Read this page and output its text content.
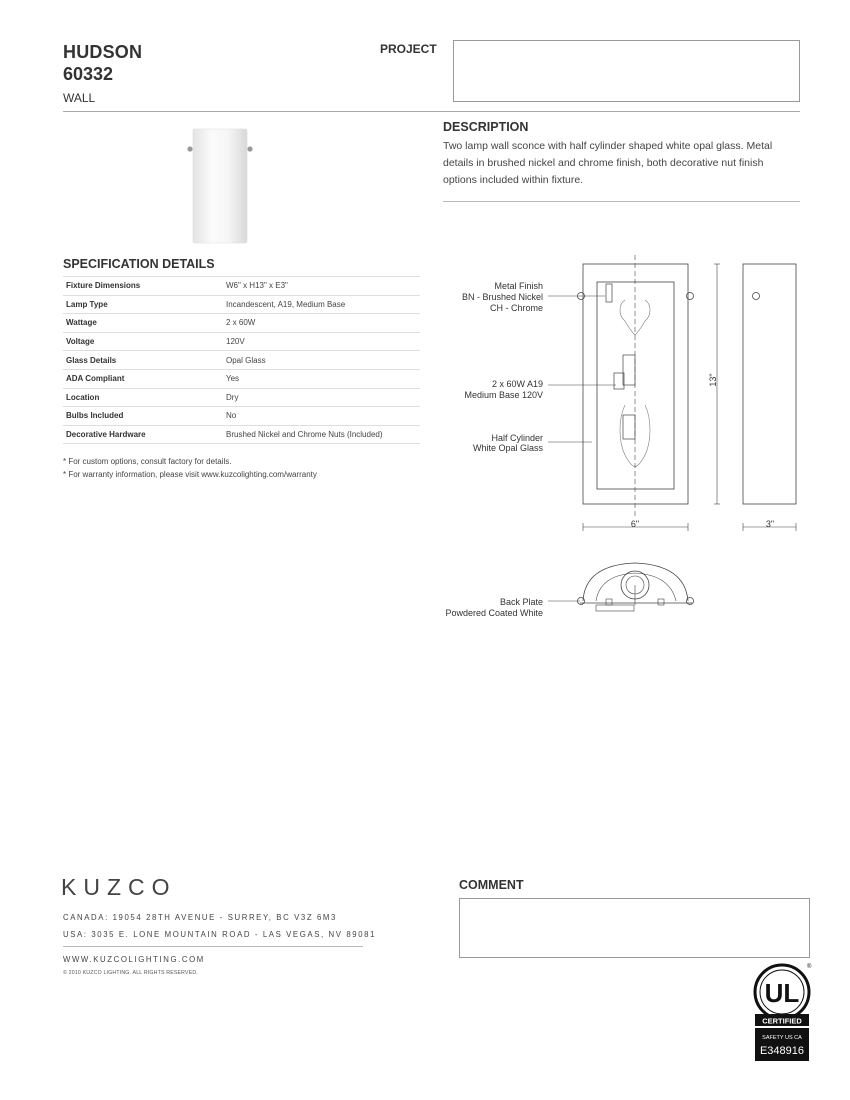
HUDSON
60332
WALL
PROJECT
DESCRIPTION
Two lamp wall sconce with half cylinder shaped white opal glass. Metal details in brushed nickel and chrome finish, both decorative nut finish options included within fixture.
SPECIFICATION DETAILS
Fixture Dimensions	W6" x H13" x E3"
Lamp Type	Incandescent, A19, Medium Base
Wattage	2 x 60W
Voltage	120V
Glass Details	Opal Glass
ADA Compliant	Yes
Location	Dry
Bulbs Included	No
Decorative Hardware	Brushed Nickel and Chrome Nuts (Included)
* For custom options, consult factory for details.
* For warranty information, please visit www.kuzcolighting.com/warranty
Metal Finish
BN - Brushed Nickel
CH - Chrome
2 x 60W A19
Medium Base 120V
Half Cylinder
White Opal Glass
Back Plate
Powdered Coated White
6"	3"
13"
KUZCO
CANADA: 19054 28TH AVENUE - SURREY, BC V3Z 6M3
USA: 3035 E. LONE MOUNTAIN ROAD - LAS VEGAS, NV 89081
WWW.KUZCOLIGHTING.COM
© 2010 KUZCO LIGHTING. ALL RIGHTS RESERVED.
COMMENT
UL
®
CERTIFIED
SAFETY US CA
E348916
